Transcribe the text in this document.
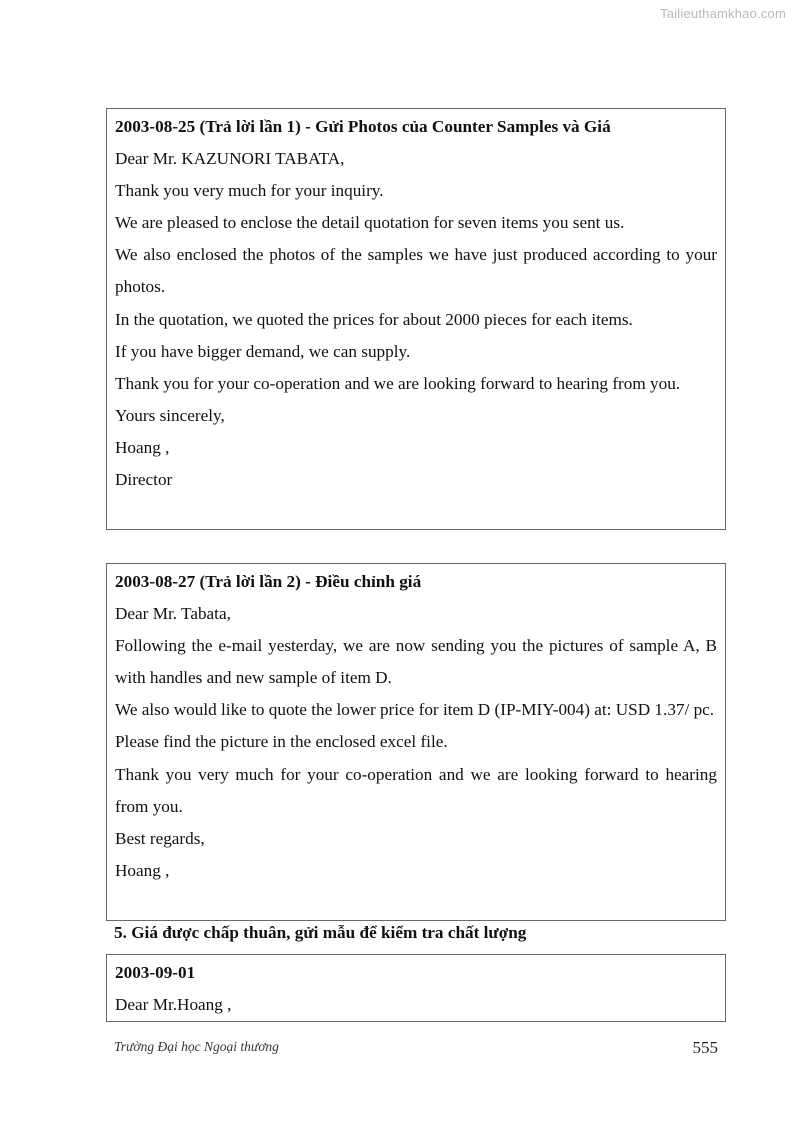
Tailieuthamkhao.com
2003-08-25 (Trả lời lần 1) - Gửi Photos của Counter Samples và Giá
Dear Mr. KAZUNORI TABATA,
Thank you very much for your inquiry.
We are pleased to enclose the detail quotation for seven items you sent us.
We also enclosed the photos of the samples we have just produced according to your photos.
In the quotation, we quoted the prices for about 2000 pieces for each items.
If you have bigger demand, we can supply.
Thank you for your co-operation and we are looking forward to hearing from you.
Yours sincerely,
Hoang ,
Director
2003-08-27 (Trả lời lần 2) - Điều chỉnh giá
Dear Mr. Tabata,
Following the e-mail yesterday, we are now sending you the pictures of sample A, B with handles and new sample of item D.
We also would like to quote the lower price for item D (IP-MIY-004) at: USD 1.37/ pc.
Please find the picture in the enclosed excel file.
Thank you very much for your co-operation and we are looking forward to hearing from you.
Best regards,
Hoang ,
5. Giá được chấp thuân, gửi mẫu để kiểm tra chất lượng
2003-09-01
Dear Mr.Hoang ,
Trường Đại học Ngoại thương	555
